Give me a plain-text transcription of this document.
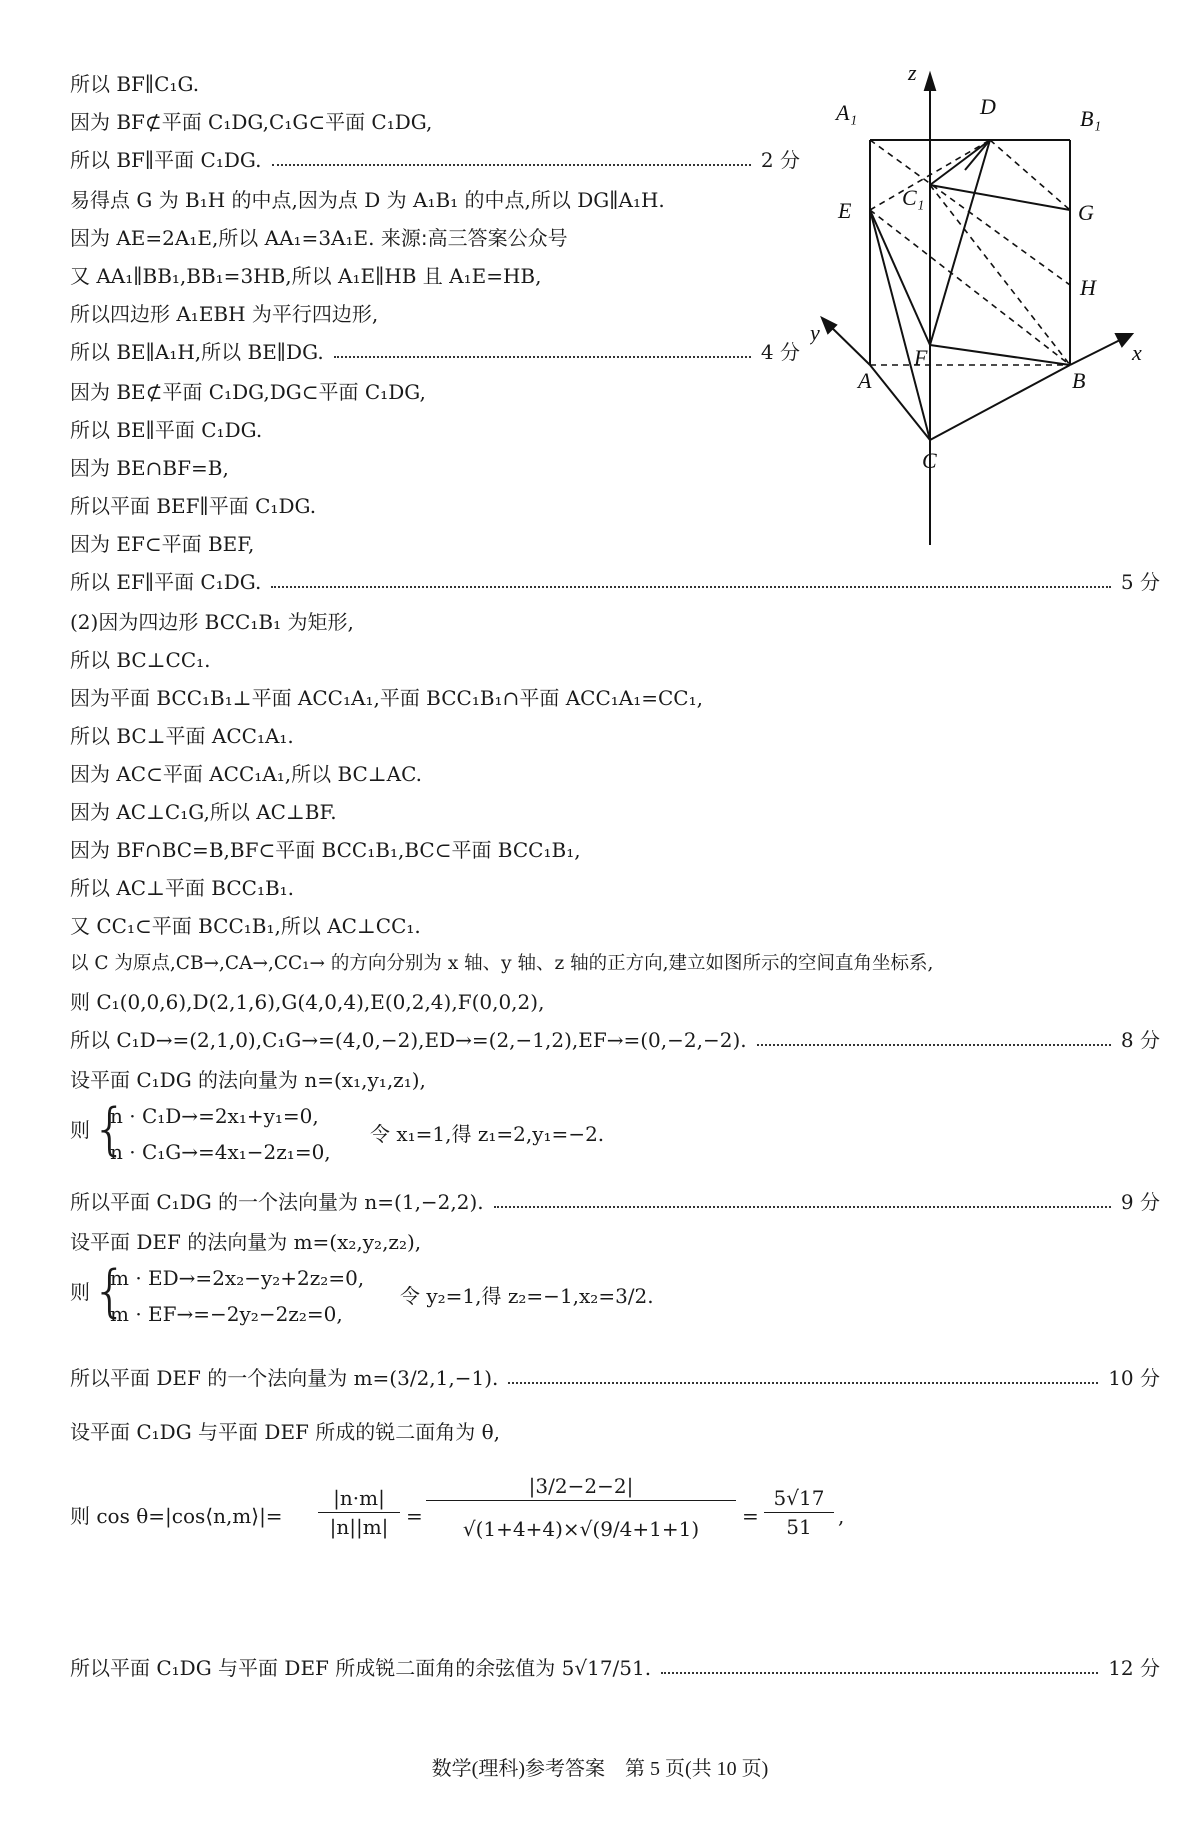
所以 BF∥C₁G.
因为 BF⊄平面 C₁DG,C₁G⊂平面 C₁DG,
所以 BF∥平面 C₁DG.	2 分
易得点 G 为 B₁H 的中点,因为点 D 为 A₁B₁ 的中点,所以 DG∥A₁H.
因为 AE=2A₁E,所以 AA₁=3A₁E. 来源:高三答案公众号
又 AA₁∥BB₁,BB₁=3HB,所以 A₁E∥HB 且 A₁E=HB,
所以四边形 A₁EBH 为平行四边形,
所以 BE∥A₁H,所以 BE∥DG.	4 分
因为 BE⊄平面 C₁DG,DG⊂平面 C₁DG,
所以 BE∥平面 C₁DG.
因为 BE∩BF=B,
所以平面 BEF∥平面 C₁DG.
因为 EF⊂平面 BEF,
所以 EF∥平面 C₁DG.	5 分
(2)因为四边形 BCC₁B₁ 为矩形,
所以 BC⊥CC₁.
因为平面 BCC₁B₁⊥平面 ACC₁A₁,平面 BCC₁B₁∩平面 ACC₁A₁=CC₁,
所以 BC⊥平面 ACC₁A₁.
因为 AC⊂平面 ACC₁A₁,所以 BC⊥AC.
因为 AC⊥C₁G,所以 AC⊥BF.
因为 BF∩BC=B,BF⊂平面 BCC₁B₁,BC⊂平面 BCC₁B₁,
所以 AC⊥平面 BCC₁B₁.
又 CC₁⊂平面 BCC₁B₁,所以 AC⊥CC₁.
以 C 为原点,CB→,CA→,CC₁→ 的方向分别为 x 轴、y 轴、z 轴的正方向,建立如图所示的空间直角坐标系,
则 C₁(0,0,6),D(2,1,6),G(4,0,4),E(0,2,4),F(0,0,2),
所以 C₁D→=(2,1,0),C₁G→=(4,0,−2),ED→=(2,−1,2),EF→=(0,−2,−2).	8 分
设平面 C₁DG 的法向量为 n=(x₁,y₁,z₁),
则 {
n · C₁D→=2x₁+y₁=0,
n · C₁G→=4x₁−2z₁=0,
令 x₁=1,得 z₁=2,y₁=−2.
所以平面 C₁DG 的一个法向量为 n=(1,−2,2).	9 分
设平面 DEF 的法向量为 m=(x₂,y₂,z₂),
则 {
m · ED→=2x₂−y₂+2z₂=0,
m · EF→=−2y₂−2z₂=0,
令 y₂=1,得 z₂=−1,x₂=3/2.
所以平面 DEF 的一个法向量为 m=(3/2,1,−1).	10 分
设平面 C₁DG 与平面 DEF 所成的锐二面角为 θ,
则 cos θ=|cos⟨n,m⟩|= $\frac{|n\cdot m|}{|n||m|} = \frac{|3/2-2-2|}{√(1+4+4)\times√(9/4+1+1)} = \frac{5√17}{51}$ ,
所以平面 C₁DG 与平面 DEF 所成锐二面角的余弦值为 5√17/51.	12 分
数学(理科)参考答案　第 5 页(共 10 页)
z
A₁	D	B₁
C₁
E	G
H
y
F	x
A	B
C
